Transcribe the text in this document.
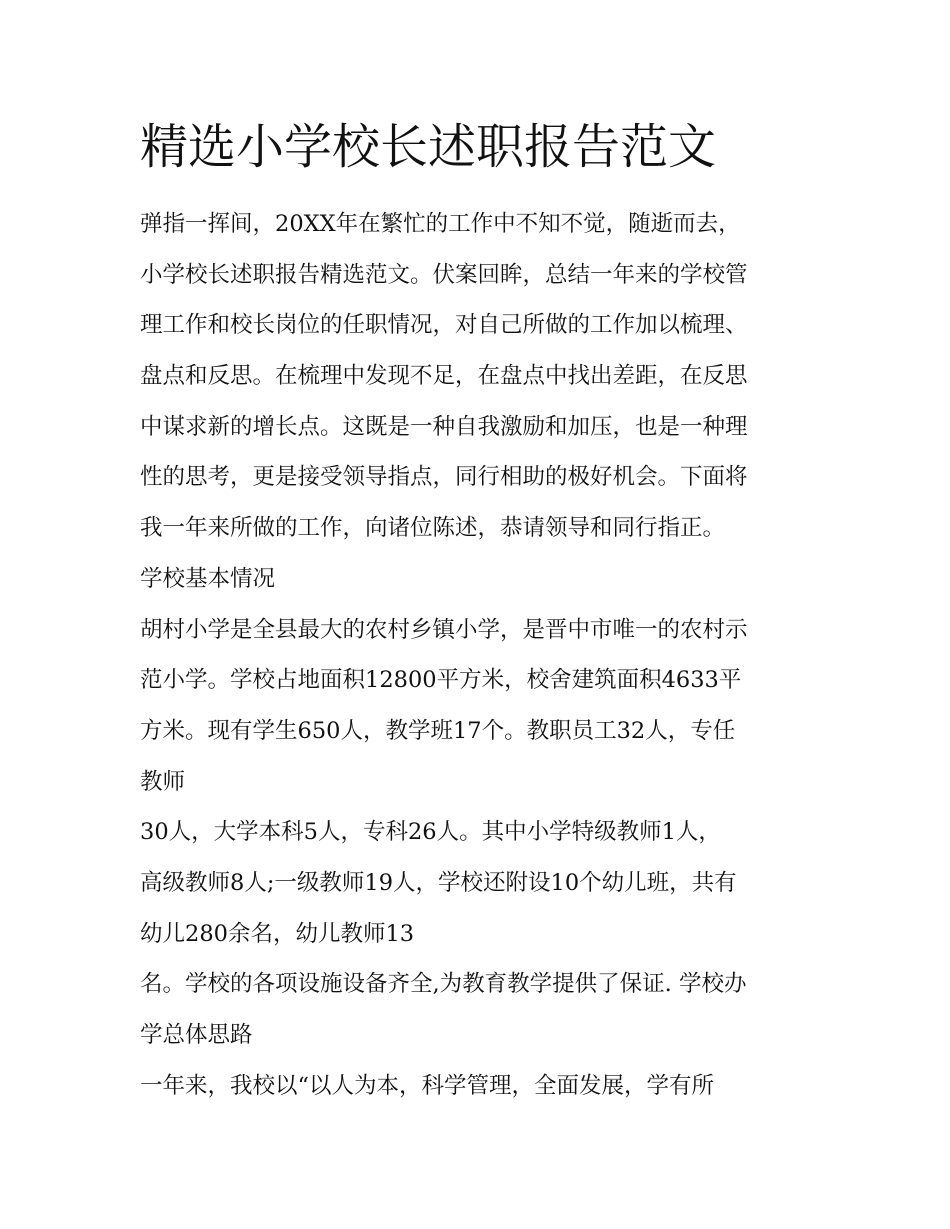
精选小学校长述职报告范文
弹指一挥间，20XX年在繁忙的工作中不知不觉，随逝而去，
小学校长述职报告精选范文。伏案回眸，总结一年来的学校管
理工作和校长岗位的任职情况，对自己所做的工作加以梳理、
盘点和反思。在梳理中发现不足，在盘点中找出差距，在反思
中谋求新的增长点。这既是一种自我激励和加压，也是一种理
性的思考，更是接受领导指点，同行相助的极好机会。下面将
我一年来所做的工作，向诸位陈述，恭请领导和同行指正。
学校基本情况
胡村小学是全县最大的农村乡镇小学，是晋中市唯一的农村示
范小学。学校占地面积12800平方米，校舍建筑面积4633平
方米。现有学生650人，教学班17个。教职员工32人，专任
教师
30人，大学本科5人，专科26人。其中小学特级教师1人，
高级教师8人;一级教师19人，学校还附设10个幼儿班，共有
幼儿280余名，幼儿教师13
名。学校的各项设施设备齐全,为教育教学提供了保证. 学校办
学总体思路
一年来，我校以“以人为本，科学管理，全面发展，学有所
